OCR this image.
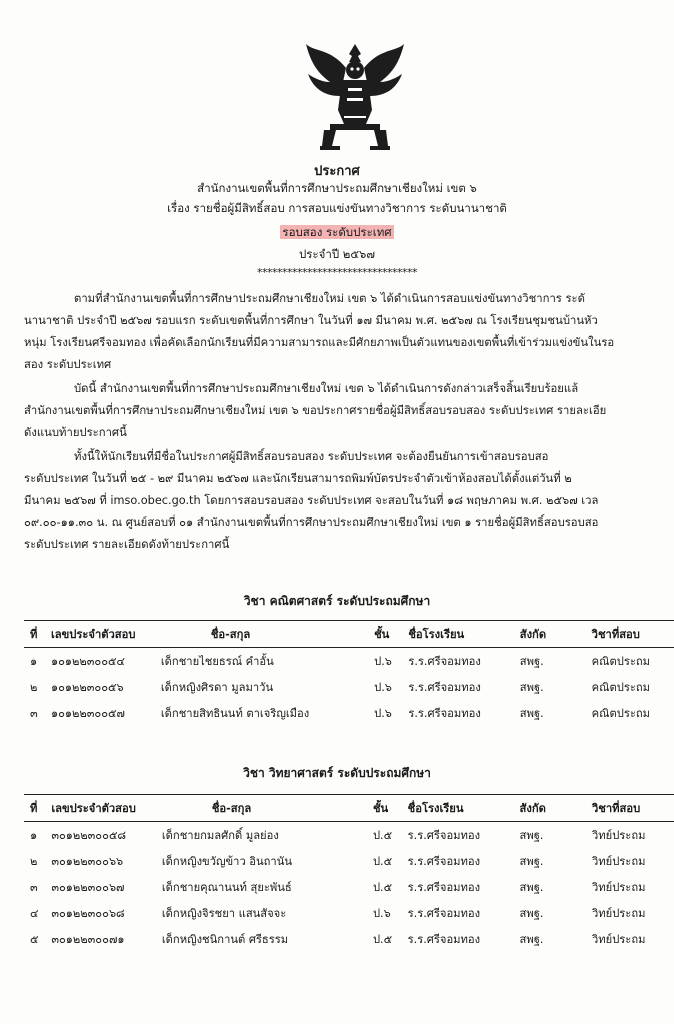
ประกาศ
สำนักงานเขตพื้นที่การศึกษาประถมศึกษาเชียงใหม่ เขต ๖
เรื่อง รายชื่อผู้มีสิทธิ์สอบ การสอบแข่งขันทางวิชาการ ระดับนานาชาติ
รอบสอง ระดับประเทศ
ประจำปี ๒๕๖๗
********************************
ตามที่สำนักงานเขตพื้นที่การศึกษาประถมศึกษาเชียงใหม่ เขต ๖ ได้ดำเนินการสอบแข่งขันทางวิชาการ ระดั
นานาชาติ ประจำปี ๒๕๖๗ รอบแรก ระดับเขตพื้นที่การศึกษา ในวันที่ ๑๗ มีนาคม พ.ศ. ๒๕๖๗ ณ โรงเรียนชุมชนบ้านหัว
หนุ่ม โรงเรียนศรีจอมทอง เพื่อคัดเลือกนักเรียนที่มีความสามารถและมีศักยภาพเป็นตัวแทนของเขตพื้นที่เข้าร่วมแข่งขันในรอ
สอง ระดับประเทศ
บัดนี้ สำนักงานเขตพื้นที่การศึกษาประถมศึกษาเชียงใหม่ เขต ๖ ได้ดำเนินการดังกล่าวเสร็จสิ้นเรียบร้อยแล้
สำนักงานเขตพื้นที่การศึกษาประถมศึกษาเชียงใหม่ เขต ๖ ขอประกาศรายชื่อผู้มีสิทธิ์สอบรอบสอง ระดับประเทศ รายละเอีย
ดังแนบท้ายประกาศนี้
ทั้งนี้ให้นักเรียนที่มีชื่อในประกาศผู้มีสิทธิ์สอบรอบสอง ระดับประเทศ จะต้องยืนยันการเข้าสอบรอบสอ
ระดับประเทศ ในวันที่ ๒๕ - ๒๙ มีนาคม ๒๕๖๗ และนักเรียนสามารถพิมพ์บัตรประจำตัวเข้าห้องสอบได้ตั้งแต่วันที่ ๒
มีนาคม ๒๕๖๗ ที่ imso.obec.go.th โดยการสอบรอบสอง ระดับประเทศ จะสอบในวันที่ ๑๘ พฤษภาคม พ.ศ. ๒๕๖๗ เวล
๐๙.๐๐-๑๑.๓๐ น. ณ ศูนย์สอบที่ ๐๑ สำนักงานเขตพื้นที่การศึกษาประถมศึกษาเชียงใหม่ เขต ๑ รายชื่อผู้มีสิทธิ์สอบรอบสอ
ระดับประเทศ รายละเอียดดังท้ายประกาศนี้
วิชา คณิตศาสตร์ ระดับประถมศึกษา
ที่	เลขประจำตัวสอบ	ชื่อ-สกุล	ชั้น	ชื่อโรงเรียน	สังกัด	วิชาที่สอบ
๑	๑๐๑๒๒๓๐๐๕๔	เด็กชายไชยธรณ์ คำอั้น	ป.๖	ร.ร.ศรีจอมทอง	สพฐ.	คณิตประถม
๒	๑๐๑๒๒๓๐๐๕๖	เด็กหญิงศิรดา มูลมาวัน	ป.๖	ร.ร.ศรีจอมทอง	สพฐ.	คณิตประถม
๓	๑๐๑๒๒๓๐๐๕๗	เด็กชายสิทธินนท์ ตาเจริญเมือง	ป.๖	ร.ร.ศรีจอมทอง	สพฐ.	คณิตประถม
วิชา วิทยาศาสตร์ ระดับประถมศึกษา
ที่	เลขประจำตัวสอบ	ชื่อ-สกุล	ชั้น	ชื่อโรงเรียน	สังกัด	วิชาที่สอบ
๑	๓๐๑๒๒๓๐๐๕๘	เด็กชายกมลศักดิ์ มูลย่อง	ป.๕	ร.ร.ศรีจอมทอง	สพฐ.	วิทย์ประถม
๒	๓๐๑๒๒๓๐๐๖๖	เด็กหญิงขวัญข้าว อินถานัน	ป.๕	ร.ร.ศรีจอมทอง	สพฐ.	วิทย์ประถม
๓	๓๐๑๒๒๓๐๐๖๗	เด็กชายคุณานนท์ สุยะพันธ์	ป.๕	ร.ร.ศรีจอมทอง	สพฐ.	วิทย์ประถม
๔	๓๐๑๒๒๓๐๐๖๘	เด็กหญิงจิรชยา แสนสัจจะ	ป.๖	ร.ร.ศรีจอมทอง	สพฐ.	วิทย์ประถม
๕	๓๐๑๒๒๓๐๐๗๑	เด็กหญิงชนิกานต์ ศรีธรรม	ป.๕	ร.ร.ศรีจอมทอง	สพฐ.	วิทย์ประถม
